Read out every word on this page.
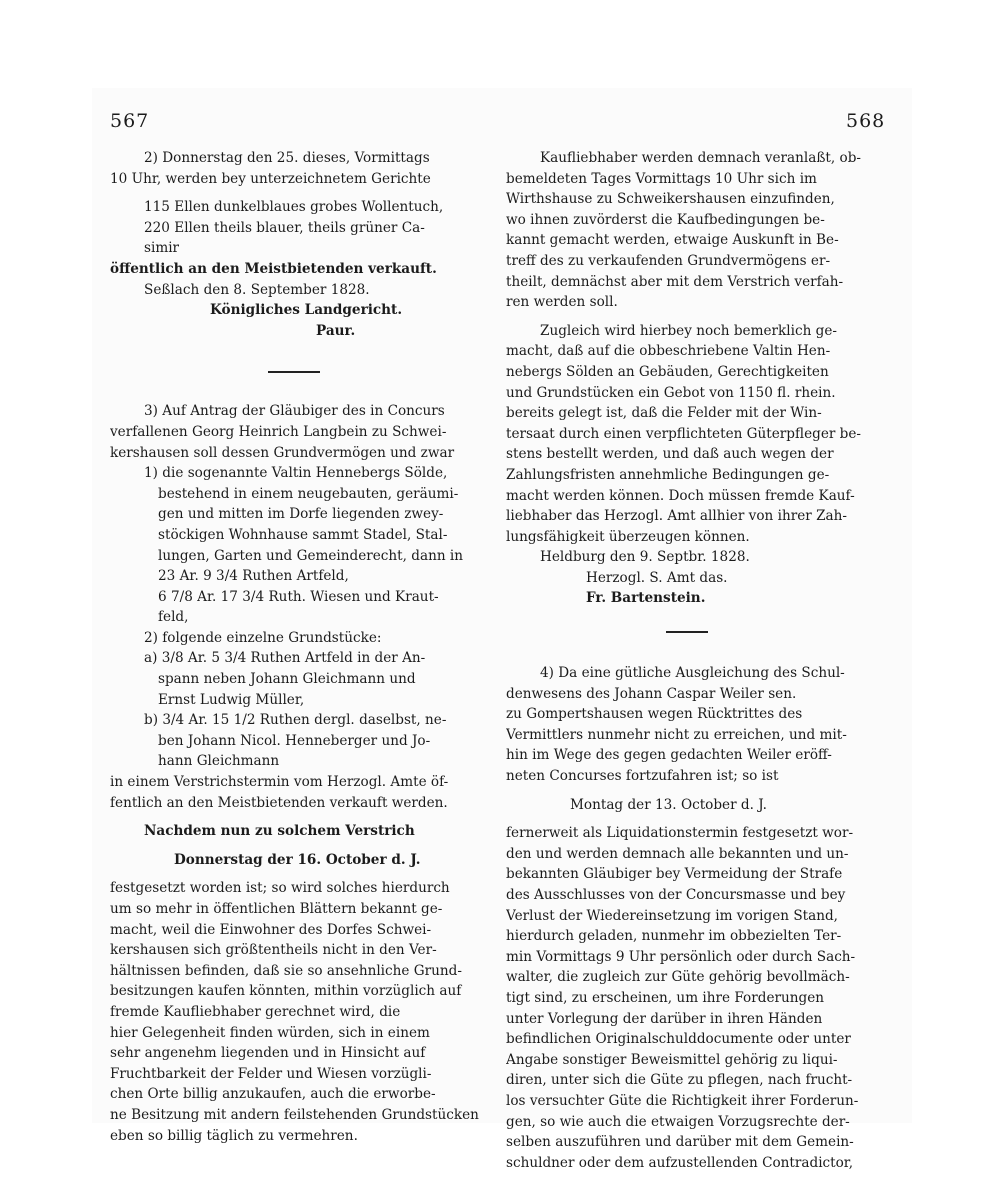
567	568
2) Donnerstag den 25. dieses, Vormittags
10 Uhr, werden bey unterzeichnetem Gerichte
115 Ellen dunkelblaues grobes Wollentuch,
220 Ellen theils blauer, theils grüner Ca-
simir
öffentlich an den Meistbietenden verkauft.
Seßlach den 8. September 1828.
Königliches Landgericht.
Paur.
3) Auf Antrag der Gläubiger des in Concurs
verfallenen Georg Heinrich Langbein zu Schwei-
kershausen soll dessen Grundvermögen und zwar
1) die sogenannte Valtin Hennebergs Sölde,
bestehend in einem neugebauten, geräumi-
gen und mitten im Dorfe liegenden zwey-
stöckigen Wohnhause sammt Stadel, Stal-
lungen, Garten und Gemeinderecht, dann in
23 Ar. 9 3/4 Ruthen Artfeld,
6 7/8 Ar. 17 3/4 Ruth. Wiesen und Kraut-
feld,
2) folgende einzelne Grundstücke:
a) 3/8 Ar. 5 3/4 Ruthen Artfeld in der An-
spann neben Johann Gleichmann und
Ernst Ludwig Müller,
b) 3/4 Ar. 15 1/2 Ruthen dergl. daselbst, ne-
ben Johann Nicol. Henneberger und Jo-
hann Gleichmann
in einem Verstrichstermin vom Herzogl. Amte öf-
fentlich an den Meistbietenden verkauft werden.
Nachdem nun zu solchem Verstrich
Donnerstag der 16. October d. J.
festgesetzt worden ist; so wird solches hierdurch
um so mehr in öffentlichen Blättern bekannt ge-
macht, weil die Einwohner des Dorfes Schwei-
kershausen sich größtentheils nicht in den Ver-
hältnissen befinden, daß sie so ansehnliche Grund-
besitzungen kaufen könnten, mithin vorzüglich auf
fremde Kaufliebhaber gerechnet wird, die
hier Gelegenheit finden würden, sich in einem
sehr angenehm liegenden und in Hinsicht auf
Fruchtbarkeit der Felder und Wiesen vorzügli-
chen Orte billig anzukaufen, auch die erworbe-
ne Besitzung mit andern feilstehenden Grundstücken
eben so billig täglich zu vermehren.
Kaufliebhaber werden demnach veranlaßt, ob-
bemeldeten Tages Vormittags 10 Uhr sich im
Wirthshause zu Schweikershausen einzufinden,
wo ihnen zuvörderst die Kaufbedingungen be-
kannt gemacht werden, etwaige Auskunft in Be-
treff des zu verkaufenden Grundvermögens er-
theilt, demnächst aber mit dem Verstrich verfah-
ren werden soll.
Zugleich wird hierbey noch bemerklich ge-
macht, daß auf die obbeschriebene Valtin Hen-
nebergs Sölden an Gebäuden, Gerechtigkeiten
und Grundstücken ein Gebot von 1150 fl. rhein.
bereits gelegt ist, daß die Felder mit der Win-
tersaat durch einen verpflichteten Güterpfleger be-
stens bestellt werden, und daß auch wegen der
Zahlungsfristen annehmliche Bedingungen ge-
macht werden können. Doch müssen fremde Kauf-
liebhaber das Herzogl. Amt allhier von ihrer Zah-
lungsfähigkeit überzeugen können.
Heldburg den 9. Septbr. 1828.
Herzogl. S. Amt das.
Fr. Bartenstein.
4) Da eine gütliche Ausgleichung des Schul-
denwesens des Johann Caspar Weiler sen.
zu Gompertshausen wegen Rücktrittes des
Vermittlers nunmehr nicht zu erreichen, und mit-
hin im Wege des gegen gedachten Weiler eröff-
neten Concurses fortzufahren ist; so ist
Montag der 13. October d. J.
fernerweit als Liquidationstermin festgesetzt wor-
den und werden demnach alle bekannten und un-
bekannten Gläubiger bey Vermeidung der Strafe
des Ausschlusses von der Concursmasse und bey
Verlust der Wiedereinsetzung im vorigen Stand,
hierdurch geladen, nunmehr im obbezielten Ter-
min Vormittags 9 Uhr persönlich oder durch Sach-
walter, die zugleich zur Güte gehörig bevollmäch-
tigt sind, zu erscheinen, um ihre Forderungen
unter Vorlegung der darüber in ihren Händen
befindlichen Originalschulddocumente oder unter
Angabe sonstiger Beweismittel gehörig zu liqui-
diren, unter sich die Güte zu pflegen, nach frucht-
los versuchter Güte die Richtigkeit ihrer Forderun-
gen, so wie auch die etwaigen Vorzugsrechte der-
selben auszuführen und darüber mit dem Gemein-
schuldner oder dem aufzustellenden Contradictor,
